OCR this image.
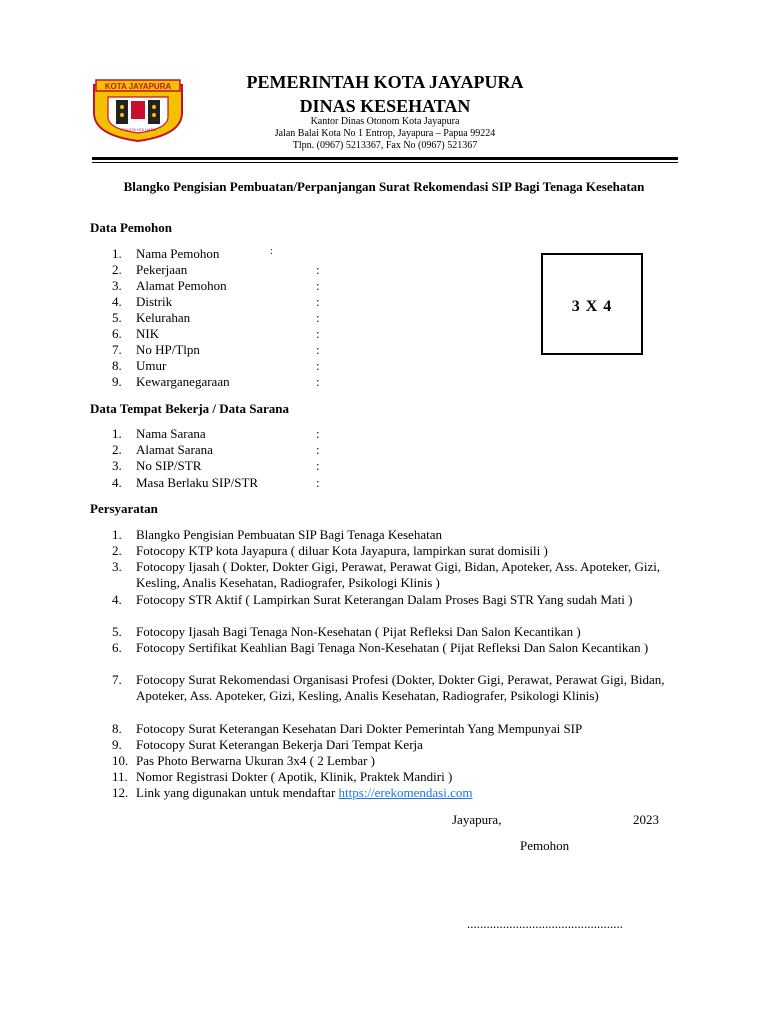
KOTA JAYAPURA
PRAJITA HOI HARA
PEMERINTAH KOTA JAYAPURA
DINAS KESEHATAN
Kantor Dinas Otonom Kota Jayapura
Jalan Balai Kota No 1 Entrop, Jayapura – Papua 99224
Tlpn. (0967) 5213367, Fax No (0967) 521367
Blangko Pengisian Pembuatan/Perpanjangan Surat Rekomendasi SIP Bagi Tenaga Kesehatan
Data Pemohon
1. Nama Pemohon	:
2. Pekerjaan	:
3. Alamat Pemohon	:
4. Distrik	:
5. Kelurahan	:
6. NIK	:
7. No HP/Tlpn	:
8. Umur	:
9. Kewarganegaraan	:
3 X 4
Data Tempat Bekerja / Data Sarana
1. Nama Sarana	:
2. Alamat Sarana	:
3. No SIP/STR	:
4. Masa Berlaku SIP/STR	:
Persyaratan
1. Blangko Pengisian Pembuatan SIP Bagi Tenaga Kesehatan
2. Fotocopy KTP kota Jayapura ( diluar Kota Jayapura, lampirkan surat domisili )
3. Fotocopy Ijasah ( Dokter, Dokter Gigi, Perawat, Perawat Gigi, Bidan, Apoteker, Ass. Apoteker, Gizi, Kesling, Analis Kesehatan, Radiografer, Psikologi Klinis )
4. Fotocopy STR Aktif ( Lampirkan Surat Keterangan Dalam Proses Bagi STR Yang sudah Mati )
5. Fotocopy Ijasah Bagi Tenaga Non-Kesehatan ( Pijat Refleksi Dan Salon Kecantikan )
6. Fotocopy Sertifikat Keahlian Bagi Tenaga Non-Kesehatan ( Pijat Refleksi Dan Salon Kecantikan )
7. Fotocopy Surat Rekomendasi Organisasi Profesi (Dokter, Dokter Gigi, Perawat, Perawat Gigi, Bidan, Apoteker, Ass. Apoteker, Gizi, Kesling, Analis Kesehatan, Radiografer, Psikologi Klinis)
8. Fotocopy Surat Keterangan Kesehatan Dari Dokter Pemerintah Yang Mempunyai SIP
9. Fotocopy Surat Keterangan Bekerja Dari Tempat Kerja
10. Pas Photo Berwarna Ukuran 3x4 ( 2 Lembar )
11. Nomor Registrasi Dokter ( Apotik, Klinik, Praktek Mandiri )
12. Link yang digunakan untuk mendaftar https://erekomendasi.com
Jayapura,	2023
Pemohon
................................................
